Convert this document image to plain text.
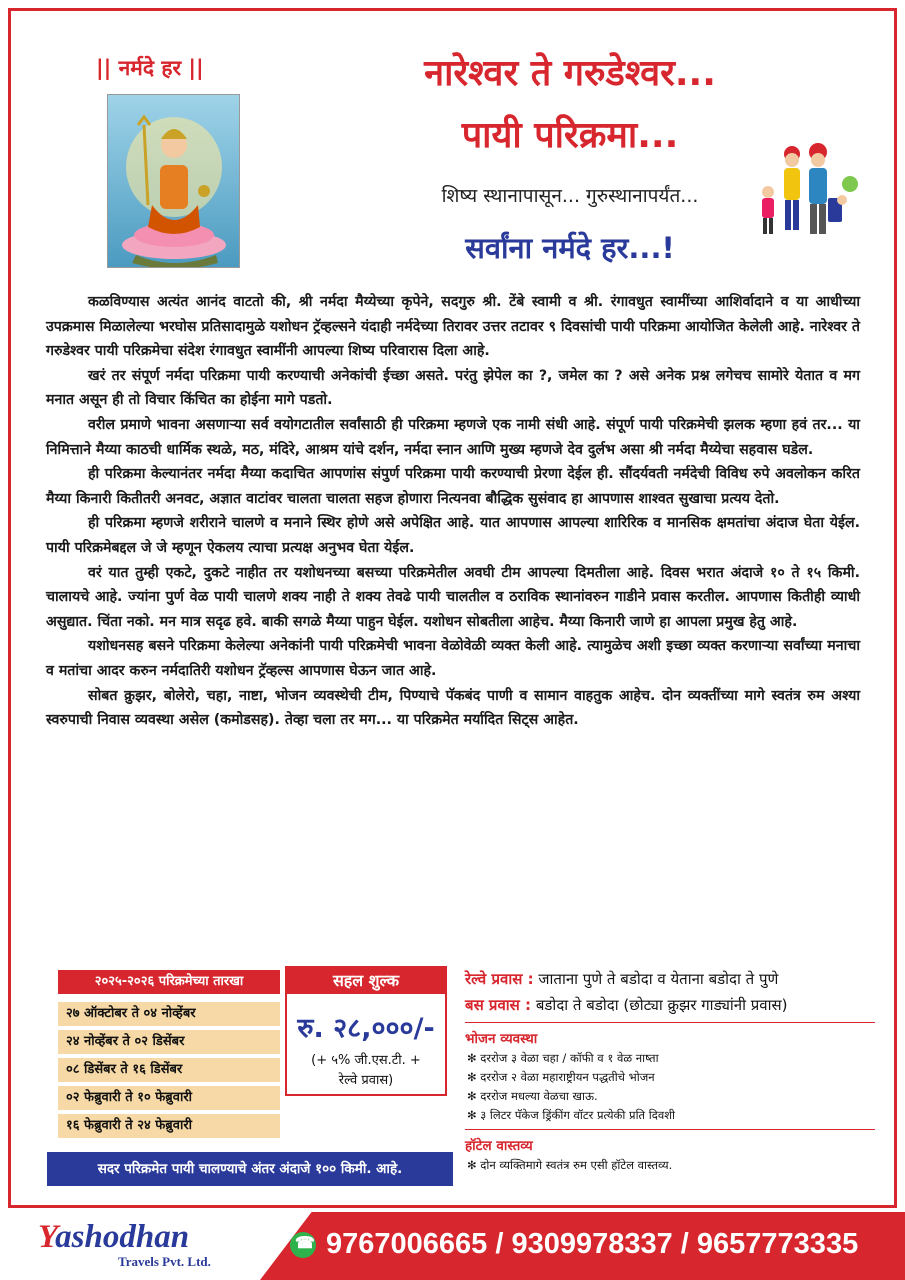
|| नर्मदे हर ||	नारेश्वर ते गरुडेश्वर...
पायी परिक्रमा...
शिष्य स्थानापासून... गुरुस्थानापर्यंत...
सर्वांना नर्मदे हर...!

कळविण्यास अत्यंत आनंद वाटतो की, श्री नर्मदा मैय्येच्या कृपेने, सदगुरु श्री. टेंबे स्वामी व श्री. रंगावधुत स्वामींच्या आशिर्वादाने व या आधीच्या उपक्रमास मिळालेल्या भरघोस प्रतिसादामुळे यशोधन ट्रॅव्हल्सने यंदाही नर्मदेच्या तिरावर उत्तर तटावर ९ दिवसांची पायी परिक्रमा आयोजित केलेली आहे. नारेश्वर ते गरुडेश्वर पायी परिक्रमेचा संदेश रंगावधुत स्वामींनी आपल्या शिष्य परिवारास दिला आहे.

खरं तर संपूर्ण नर्मदा परिक्रमा पायी करण्याची अनेकांची ईच्छा असते. परंतु झेपेल का ?, जमेल का ? असे अनेक प्रश्न लगेचच सामोरे येतात व मग मनात असून ही तो विचार किंचित का होईना मागे पडतो.

वरील प्रमाणे भावना असणाऱ्या सर्व वयोगटातील सर्वांसाठी ही परिक्रमा म्हणजे एक नामी संधी आहे. संपूर्ण पायी परिक्रमेची झलक म्हणा हवं तर... या निमित्ताने मैय्या काठची धार्मिक स्थळे, मठ, मंदिरे, आश्रम यांचे दर्शन, नर्मदा स्नान आणि मुख्य म्हणजे देव दुर्लभ असा श्री नर्मदा मैय्येचा सहवास घडेल.

ही परिक्रमा केल्यानंतर नर्मदा मैय्या कदाचित आपणांस संपुर्ण परिक्रमा पायी करण्याची प्रेरणा देईल ही. सौंदर्यवती नर्मदेची विविध रुपे अवलोकन करित मैय्या किनारी कितीतरी अनवट, अज्ञात वाटांवर चालता चालता सहज होणारा नित्यनवा बौद्धिक सुसंवाद हा आपणास शाश्वत सुखाचा प्रत्यय देतो.

ही परिक्रमा म्हणजे शरीराने चालणे व मनाने स्थिर होणे असे अपेक्षित आहे. यात आपणास आपल्या शारिरिक व मानसिक क्षमतांचा अंदाज घेता येईल. पायी परिक्रमेबद्दल जे जे म्हणून ऐकलय त्याचा प्रत्यक्ष अनुभव घेता येईल.

वरं यात तुम्ही एकटे, दुकटे नाहीत तर यशोधनच्या बसच्या परिक्रमेतील अवघी टीम आपल्या दिमतीला आहे. दिवस भरात अंदाजे १० ते १५ किमी. चालायचे आहे. ज्यांना पुर्ण वेळ पायी चालणे शक्य नाही ते शक्य तेवढे पायी चालतील व ठराविक स्थानांवरुन गाडीने प्रवास करतील. आपणास कितीही व्याधी असुद्यात. चिंता नको. मन मात्र सदृढ हवे. बाकी सगळे मैय्या पाहुन घेईल. यशोधन सोबतीला आहेच. मैय्या किनारी जाणे हा आपला प्रमुख हेतु आहे.

यशोधनसह बसने परिक्रमा केलेल्या अनेकांनी पायी परिक्रमेची भावना वेळोवेळी व्यक्त केली आहे. त्यामुळेच अशी इच्छा व्यक्त करणाऱ्या सर्वांच्या मनाचा व मतांचा आदर करुन नर्मदातिरी यशोधन ट्रॅव्हल्स आपणास घेऊन जात आहे.

सोबत क्रुझर, बोलेरो, चहा, नाष्टा, भोजन व्यवस्थेची टीम, पिण्याचे पॅकबंद पाणी व सामान वाहतुक आहेच. दोन व्यक्तींच्या मागे स्वतंत्र रुम अश्या स्वरुपाची निवास व्यवस्था असेल (कमोडसह). तेव्हा चला तर मग... या परिक्रमेत मर्यादित सिट्स आहेत.

२०२५-२०२६ परिक्रमेच्या तारखा
२७ ऑक्टोबर ते ०४ नोव्हेंबर
२४ नोव्हेंबर ते ०२ डिसेंबर
०८ डिसेंबर ते १६ डिसेंबर
०२ फेब्रुवारी ते १० फेब्रुवारी
१६ फेब्रुवारी ते २४ फेब्रुवारी
सहल शुल्क
रु. २८,०००/-
(+ ५% जी.एस.टी. +
रेल्वे प्रवास)
सदर परिक्रमेत पायी चालण्याचे अंतर अंदाजे १०० किमी. आहे.
रेल्वे प्रवास : जाताना पुणे ते बडोदा व येताना बडोदा ते पुणे
बस प्रवास : बडोदा ते बडोदा (छोट्या क्रुझर गाड्यांनी प्रवास)
भोजन व्यवस्था
✻ दररोज ३ वेळा चहा / कॉफी व १ वेळ नाष्ता
✻ दररोज २ वेळा महाराष्ट्रीयन पद्धतीचे भोजन
✻ दररोज मधल्या वेळचा खाऊ.
✻ ३ लिटर पॅकेज ड्रिंकींग वॉटर प्रत्येकी प्रति दिवशी
हॉटेल वास्तव्य
✻ दोन व्यक्तिमागे स्वतंत्र रुम एसी हॉटेल वास्तव्य.
Yashodhan
Travels Pvt. Ltd.
☎
9767006665 / 9309978337 / 9657773335
